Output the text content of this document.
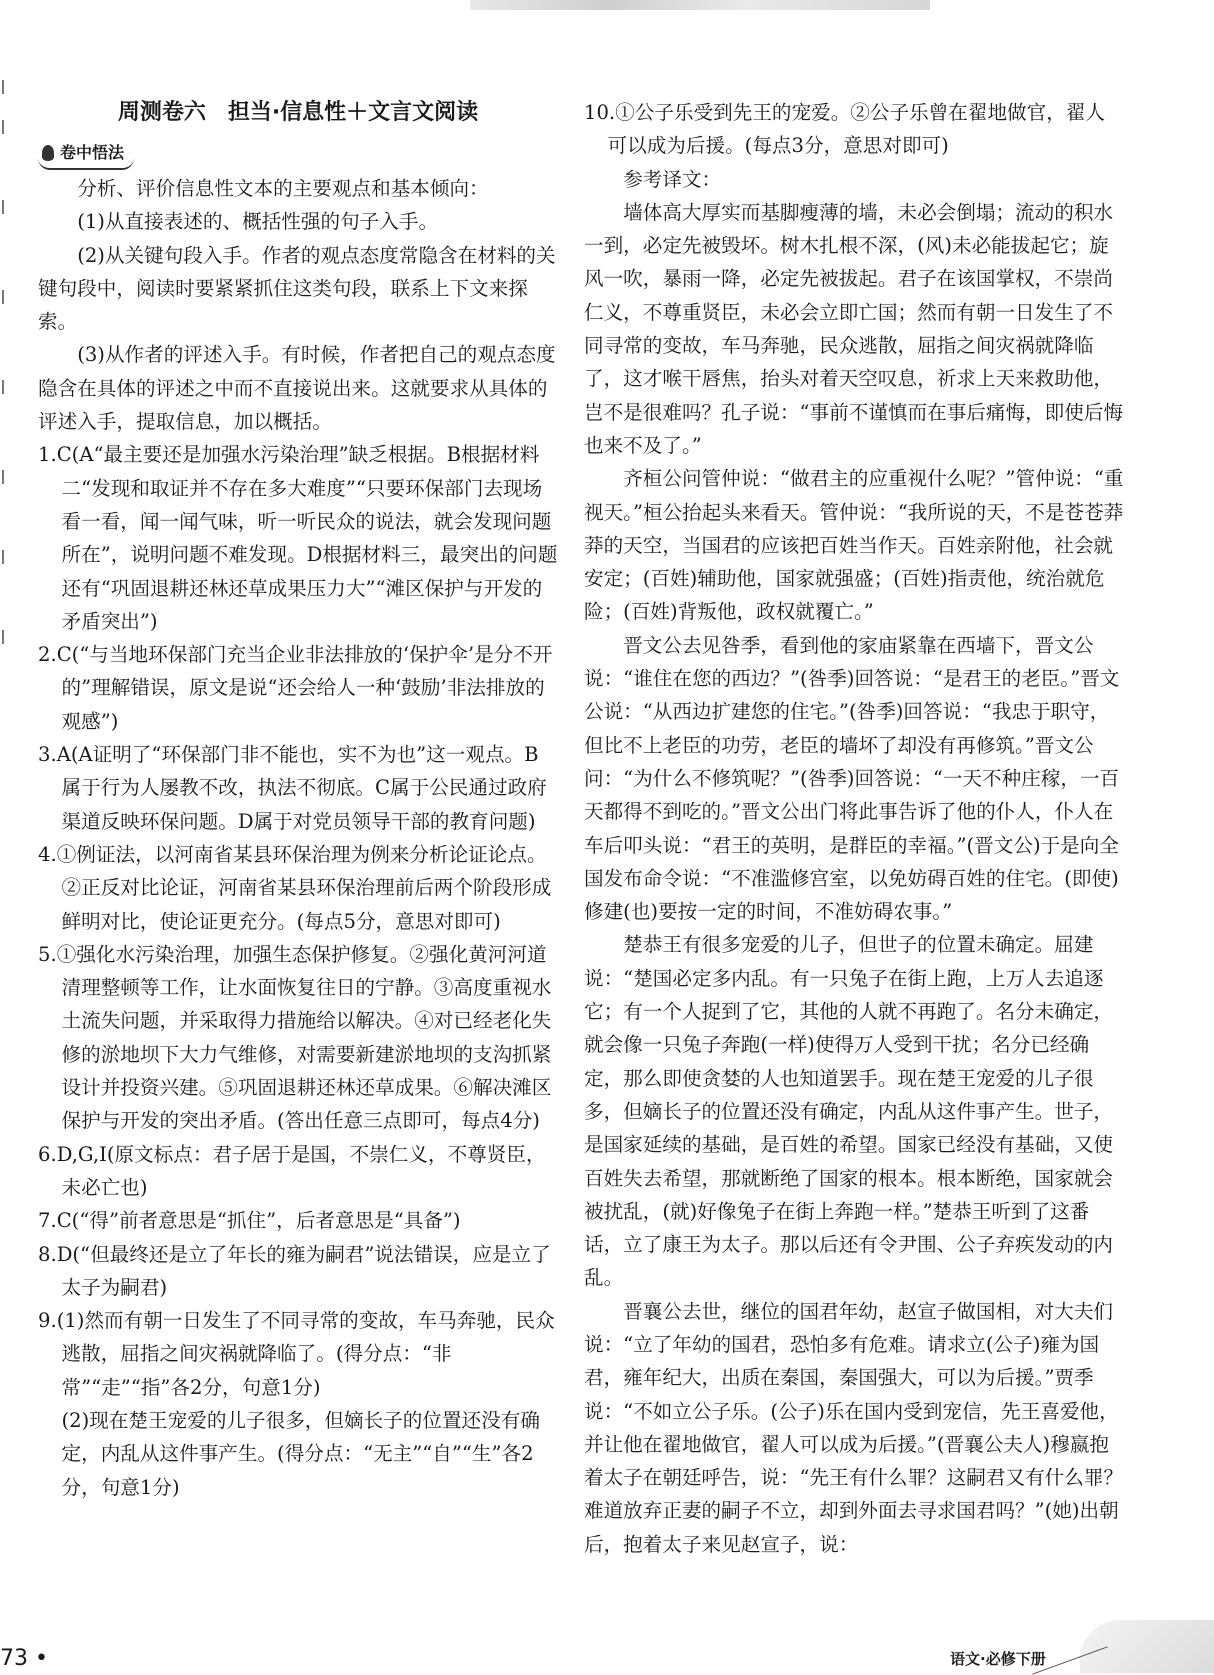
周测卷六　担当·信息性＋文言文阅读
卷中悟法

分析、评价信息性文本的主要观点和基本倾向：

(1)从直接表述的、概括性强的句子入手。

(2)从关键句段入手。作者的观点态度常隐含在材料的关键句段中，阅读时要紧紧抓住这类句段，联系上下文来探索。

(3)从作者的评述入手。有时候，作者把自己的观点态度隐含在具体的评述之中而不直接说出来。这就要求从具体的评述入手，提取信息，加以概括。

1.C(A“最主要还是加强水污染治理”缺乏根据。B根据材料二“发现和取证并不存在多大难度”“只要环保部门去现场看一看，闻一闻气味，听一听民众的说法，就会发现问题所在”，说明问题不难发现。D根据材料三，最突出的问题还有“巩固退耕还林还草成果压力大”“滩区保护与开发的矛盾突出”)

2.C(“与当地环保部门充当企业非法排放的‘保护伞’是分不开的”理解错误，原文是说“还会给人一种‘鼓励’非法排放的观感”)

3.A(A证明了“环保部门非不能也，实不为也”这一观点。B属于行为人屡教不改，执法不彻底。C属于公民通过政府渠道反映环保问题。D属于对党员领导干部的教育问题)

4.①例证法，以河南省某县环保治理为例来分析论证论点。②正反对比论证，河南省某县环保治理前后两个阶段形成鲜明对比，使论证更充分。(每点5分，意思对即可)

5.①强化水污染治理，加强生态保护修复。②强化黄河河道清理整顿等工作，让水面恢复往日的宁静。③高度重视水土流失问题，并采取得力措施给以解决。④对已经老化失修的淤地坝下大力气维修，对需要新建淤地坝的支沟抓紧设计并投资兴建。⑤巩固退耕还林还草成果。⑥解决滩区保护与开发的突出矛盾。(答出任意三点即可，每点4分)

6.D,G,I(原文标点：君子居于是国，不崇仁义，不尊贤臣，未必亡也)

7.C(“得”前者意思是“抓住”，后者意思是“具备”)

8.D(“但最终还是立了年长的雍为嗣君”说法错误，应是立了太子为嗣君)

9.(1)然而有朝一日发生了不同寻常的变故，车马奔驰，民众逃散，屈指之间灾祸就降临了。(得分点：“非常”“走”“指”各2分，句意1分)

(2)现在楚王宠爱的儿子很多，但嫡长子的位置还没有确定，内乱从这件事产生。(得分点：“无主”“自”“生”各2分，句意1分)

10.①公子乐受到先王的宠爱。②公子乐曾在翟地做官，翟人可以成为后援。(每点3分，意思对即可)

参考译文：

墙体高大厚实而基脚瘦薄的墙，未必会倒塌；流动的积水一到，必定先被毁坏。树木扎根不深，(风)未必能拔起它；旋风一吹，暴雨一降，必定先被拔起。君子在该国掌权，不崇尚仁义，不尊重贤臣，未必会立即亡国；然而有朝一日发生了不同寻常的变故，车马奔驰，民众逃散，屈指之间灾祸就降临了，这才喉干唇焦，抬头对着天空叹息，祈求上天来救助他，岂不是很难吗？孔子说：“事前不谨慎而在事后痛悔，即使后悔也来不及了。”

齐桓公问管仲说：“做君主的应重视什么呢？”管仲说：“重视天。”桓公抬起头来看天。管仲说：“我所说的天，不是苍苍莽莽的天空，当国君的应该把百姓当作天。百姓亲附他，社会就安定；(百姓)辅助他，国家就强盛；(百姓)指责他，统治就危险；(百姓)背叛他，政权就覆亡。”

晋文公去见咎季，看到他的家庙紧靠在西墙下，晋文公说：“谁住在您的西边？”(咎季)回答说：“是君王的老臣。”晋文公说：“从西边扩建您的住宅。”(咎季)回答说：“我忠于职守，但比不上老臣的功劳，老臣的墙坏了却没有再修筑。”晋文公问：“为什么不修筑呢？”(咎季)回答说：“一天不种庄稼，一百天都得不到吃的。”晋文公出门将此事告诉了他的仆人，仆人在车后叩头说：“君王的英明，是群臣的幸福。”(晋文公)于是向全国发布命令说：“不准滥修宫室，以免妨碍百姓的住宅。(即使)修建(也)要按一定的时间，不准妨碍农事。”

楚恭王有很多宠爱的儿子，但世子的位置未确定。屈建说：“楚国必定多内乱。有一只兔子在街上跑，上万人去追逐它；有一个人捉到了它，其他的人就不再跑了。名分未确定，就会像一只兔子奔跑(一样)使得万人受到干扰；名分已经确定，那么即使贪婪的人也知道罢手。现在楚王宠爱的儿子很多，但嫡长子的位置还没有确定，内乱从这件事产生。世子，是国家延续的基础，是百姓的希望。国家已经没有基础，又使百姓失去希望，那就断绝了国家的根本。根本断绝，国家就会被扰乱，(就)好像兔子在街上奔跑一样。”楚恭王听到了这番话，立了康王为太子。那以后还有令尹围、公子弃疾发动的内乱。

晋襄公去世，继位的国君年幼，赵宣子做国相，对大夫们说：“立了年幼的国君，恐怕多有危难。请求立(公子)雍为国君，雍年纪大，出质在秦国，秦国强大，可以为后援。”贾季说：“不如立公子乐。(公子)乐在国内受到宠信，先王喜爱他，并让他在翟地做官，翟人可以成为后援。”(晋襄公夫人)穆嬴抱着太子在朝廷呼告，说：“先王有什么罪？这嗣君又有什么罪？难道放弃正妻的嗣子不立，却到外面去寻求国君吗？”(她)出朝后，抱着太子来见赵宣子，说：

73 •	语文·必修下册
